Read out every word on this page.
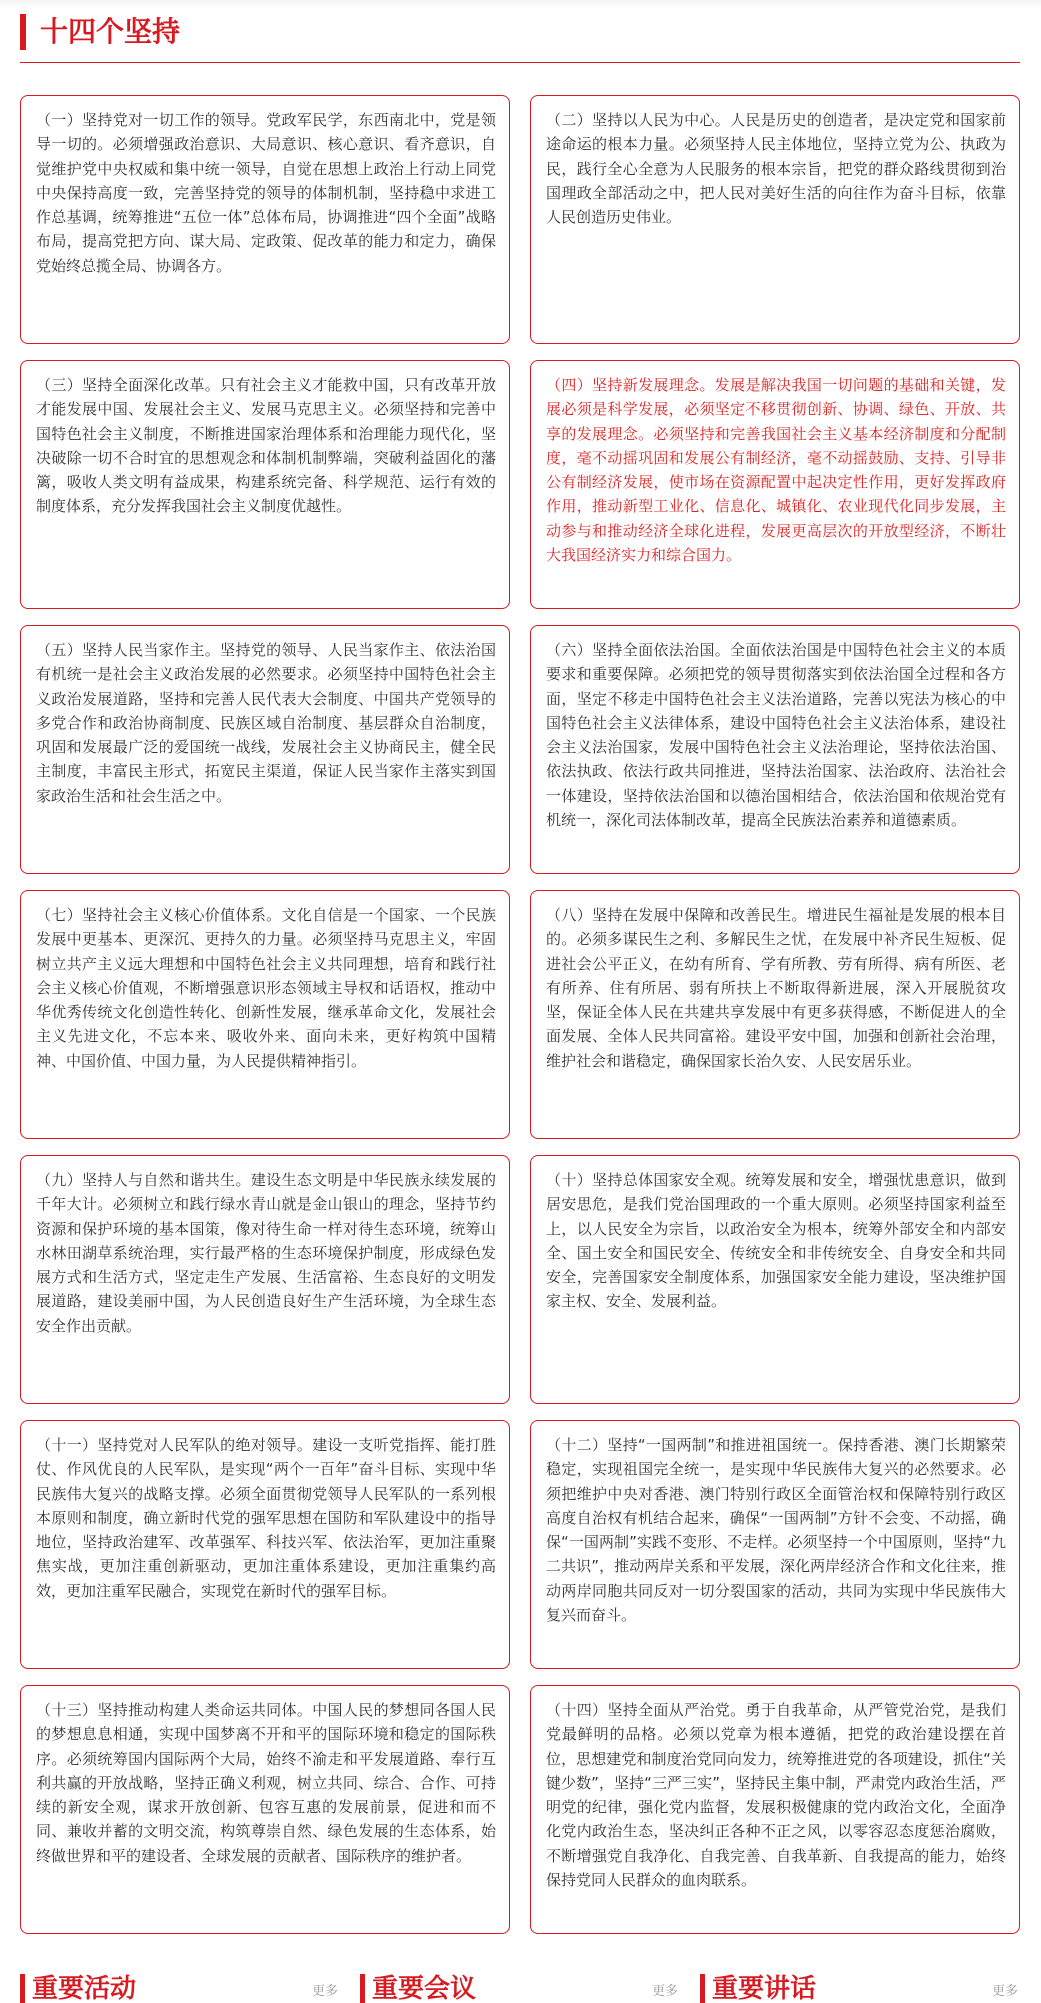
十四个坚持

（一）坚持党对一切工作的领导。党政军民学，东西南北中，党是领导一切的。必须增强政治意识、大局意识、核心意识、看齐意识，自觉维护党中央权威和集中统一领导，自觉在思想上政治上行动上同党中央保持高度一致，完善坚持党的领导的体制机制，坚持稳中求进工作总基调，统筹推进“五位一体”总体布局，协调推进“四个全面”战略布局，提高党把方向、谋大局、定政策、促改革的能力和定力，确保党始终总揽全局、协调各方。

（二）坚持以人民为中心。人民是历史的创造者，是决定党和国家前途命运的根本力量。必须坚持人民主体地位，坚持立党为公、执政为民，践行全心全意为人民服务的根本宗旨，把党的群众路线贯彻到治国理政全部活动之中，把人民对美好生活的向往作为奋斗目标，依靠人民创造历史伟业。

（三）坚持全面深化改革。只有社会主义才能救中国，只有改革开放才能发展中国、发展社会主义、发展马克思主义。必须坚持和完善中国特色社会主义制度，不断推进国家治理体系和治理能力现代化，坚决破除一切不合时宜的思想观念和体制机制弊端，突破利益固化的藩篱，吸收人类文明有益成果，构建系统完备、科学规范、运行有效的制度体系，充分发挥我国社会主义制度优越性。

（四）坚持新发展理念。发展是解决我国一切问题的基础和关键，发展必须是科学发展，必须坚定不移贯彻创新、协调、绿色、开放、共享的发展理念。必须坚持和完善我国社会主义基本经济制度和分配制度，毫不动摇巩固和发展公有制经济，毫不动摇鼓励、支持、引导非公有制经济发展，使市场在资源配置中起决定性作用，更好发挥政府作用，推动新型工业化、信息化、城镇化、农业现代化同步发展，主动参与和推动经济全球化进程，发展更高层次的开放型经济，不断壮大我国经济实力和综合国力。

（五）坚持人民当家作主。坚持党的领导、人民当家作主、依法治国有机统一是社会主义政治发展的必然要求。必须坚持中国特色社会主义政治发展道路，坚持和完善人民代表大会制度、中国共产党领导的多党合作和政治协商制度、民族区域自治制度、基层群众自治制度，巩固和发展最广泛的爱国统一战线，发展社会主义协商民主，健全民主制度，丰富民主形式，拓宽民主渠道，保证人民当家作主落实到国家政治生活和社会生活之中。

（六）坚持全面依法治国。全面依法治国是中国特色社会主义的本质要求和重要保障。必须把党的领导贯彻落实到依法治国全过程和各方面，坚定不移走中国特色社会主义法治道路，完善以宪法为核心的中国特色社会主义法律体系，建设中国特色社会主义法治体系，建设社会主义法治国家，发展中国特色社会主义法治理论，坚持依法治国、依法执政、依法行政共同推进，坚持法治国家、法治政府、法治社会一体建设，坚持依法治国和以德治国相结合，依法治国和依规治党有机统一，深化司法体制改革，提高全民族法治素养和道德素质。

（七）坚持社会主义核心价值体系。文化自信是一个国家、一个民族发展中更基本、更深沉、更持久的力量。必须坚持马克思主义，牢固树立共产主义远大理想和中国特色社会主义共同理想，培育和践行社会主义核心价值观，不断增强意识形态领域主导权和话语权，推动中华优秀传统文化创造性转化、创新性发展，继承革命文化，发展社会主义先进文化，不忘本来、吸收外来、面向未来，更好构筑中国精神、中国价值、中国力量，为人民提供精神指引。

（八）坚持在发展中保障和改善民生。增进民生福祉是发展的根本目的。必须多谋民生之利、多解民生之忧，在发展中补齐民生短板、促进社会公平正义，在幼有所育、学有所教、劳有所得、病有所医、老有所养、住有所居、弱有所扶上不断取得新进展，深入开展脱贫攻坚，保证全体人民在共建共享发展中有更多获得感，不断促进人的全面发展、全体人民共同富裕。建设平安中国，加强和创新社会治理，维护社会和谐稳定，确保国家长治久安、人民安居乐业。

（九）坚持人与自然和谐共生。建设生态文明是中华民族永续发展的千年大计。必须树立和践行绿水青山就是金山银山的理念，坚持节约资源和保护环境的基本国策，像对待生命一样对待生态环境，统筹山水林田湖草系统治理，实行最严格的生态环境保护制度，形成绿色发展方式和生活方式，坚定走生产发展、生活富裕、生态良好的文明发展道路，建设美丽中国，为人民创造良好生产生活环境，为全球生态安全作出贡献。

（十）坚持总体国家安全观。统筹发展和安全，增强忧患意识，做到居安思危，是我们党治国理政的一个重大原则。必须坚持国家利益至上，以人民安全为宗旨，以政治安全为根本，统筹外部安全和内部安全、国土安全和国民安全、传统安全和非传统安全、自身安全和共同安全，完善国家安全制度体系，加强国家安全能力建设，坚决维护国家主权、安全、发展利益。

（十一）坚持党对人民军队的绝对领导。建设一支听党指挥、能打胜仗、作风优良的人民军队，是实现“两个一百年”奋斗目标、实现中华民族伟大复兴的战略支撑。必须全面贯彻党领导人民军队的一系列根本原则和制度，确立新时代党的强军思想在国防和军队建设中的指导地位，坚持政治建军、改革强军、科技兴军、依法治军，更加注重聚焦实战，更加注重创新驱动，更加注重体系建设，更加注重集约高效，更加注重军民融合，实现党在新时代的强军目标。

（十二）坚持“一国两制”和推进祖国统一。保持香港、澳门长期繁荣稳定，实现祖国完全统一，是实现中华民族伟大复兴的必然要求。必须把维护中央对香港、澳门特别行政区全面管治权和保障特别行政区高度自治权有机结合起来，确保“一国两制”方针不会变、不动摇，确保“一国两制”实践不变形、不走样。必须坚持一个中国原则，坚持“九二共识”，推动两岸关系和平发展，深化两岸经济合作和文化往来，推动两岸同胞共同反对一切分裂国家的活动，共同为实现中华民族伟大复兴而奋斗。

（十三）坚持推动构建人类命运共同体。中国人民的梦想同各国人民的梦想息息相通，实现中国梦离不开和平的国际环境和稳定的国际秩序。必须统筹国内国际两个大局，始终不渝走和平发展道路、奉行互利共赢的开放战略，坚持正确义利观，树立共同、综合、合作、可持续的新安全观，谋求开放创新、包容互惠的发展前景，促进和而不同、兼收并蓄的文明交流，构筑尊崇自然、绿色发展的生态体系，始终做世界和平的建设者、全球发展的贡献者、国际秩序的维护者。

（十四）坚持全面从严治党。勇于自我革命，从严管党治党，是我们党最鲜明的品格。必须以党章为根本遵循，把党的政治建设摆在首位，思想建党和制度治党同向发力，统筹推进党的各项建设，抓住“关键少数”，坚持“三严三实”，坚持民主集中制，严肃党内政治生活，严明党的纪律，强化党内监督，发展积极健康的党内政治文化，全面净化党内政治生态，坚决纠正各种不正之风，以零容忍态度惩治腐败，不断增强党自我净化、自我完善、自我革新、自我提高的能力，始终保持党同人民群众的血肉联系。

重要活动	更多 重要会议	更多 重要讲话	更多
